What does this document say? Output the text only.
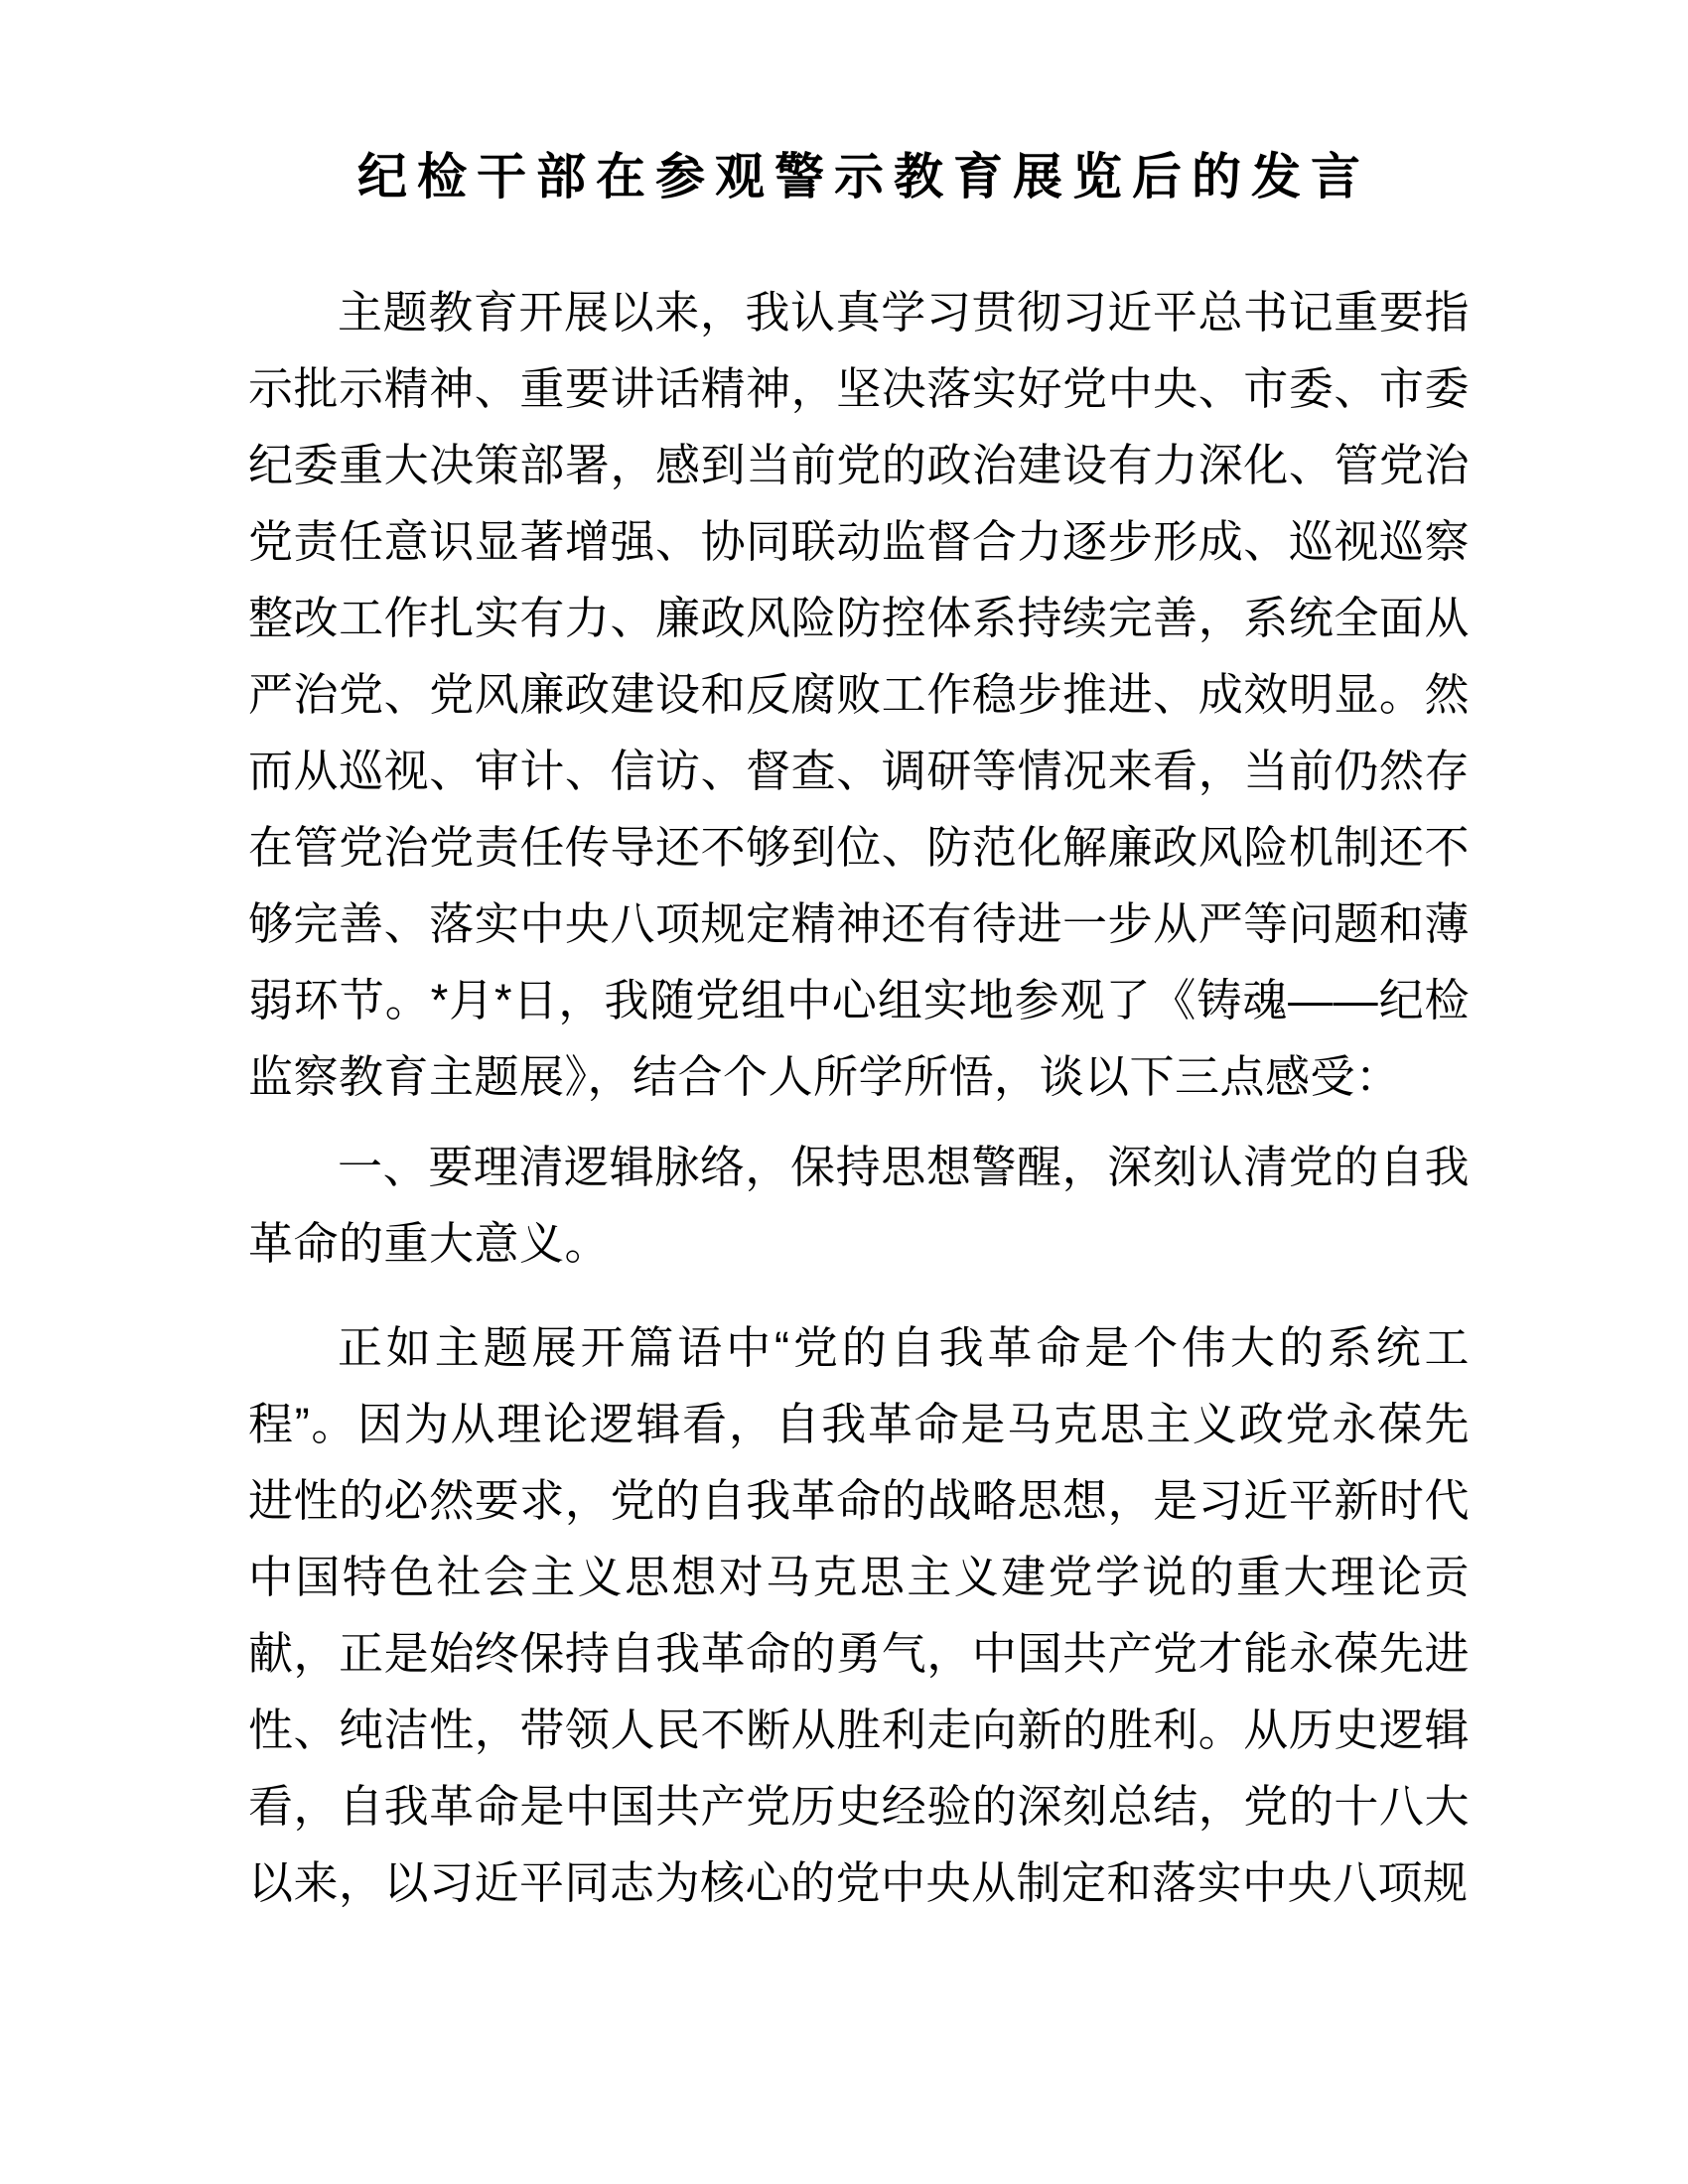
纪检干部在参观警示教育展览后的发言

主题教育开展以来，我认真学习贯彻习近平总书记重要指示批示精神、重要讲话精神，坚决落实好党中央、市委、市委纪委重大决策部署，感到当前党的政治建设有力深化、管党治党责任意识显著增强、协同联动监督合力逐步形成、巡视巡察整改工作扎实有力、廉政风险防控体系持续完善，系统全面从严治党、党风廉政建设和反腐败工作稳步推进、成效明显。然而从巡视、审计、信访、督查、调研等情况来看，当前仍然存在管党治党责任传导还不够到位、防范化解廉政风险机制还不够完善、落实中央八项规定精神还有待进一步从严等问题和薄弱环节。*月*日，我随党组中心组实地参观了《铸魂——纪检监察教育主题展》，结合个人所学所悟，谈以下三点感受：

一、要理清逻辑脉络，保持思想警醒，深刻认清党的自我革命的重大意义。

正如主题展开篇语中“党的自我革命是个伟大的系统工程”。因为从理论逻辑看，自我革命是马克思主义政党永葆先进性的必然要求，党的自我革命的战略思想，是习近平新时代中国特色社会主义思想对马克思主义建党学说的重大理论贡献，正是始终保持自我革命的勇气，中国共产党才能永葆先进性、纯洁性，带领人民不断从胜利走向新的胜利。从历史逻辑看，自我革命是中国共产党历史经验的深刻总结，党的十八大以来，以习近平同志为核心的党中央从制定和落实中央八项规
